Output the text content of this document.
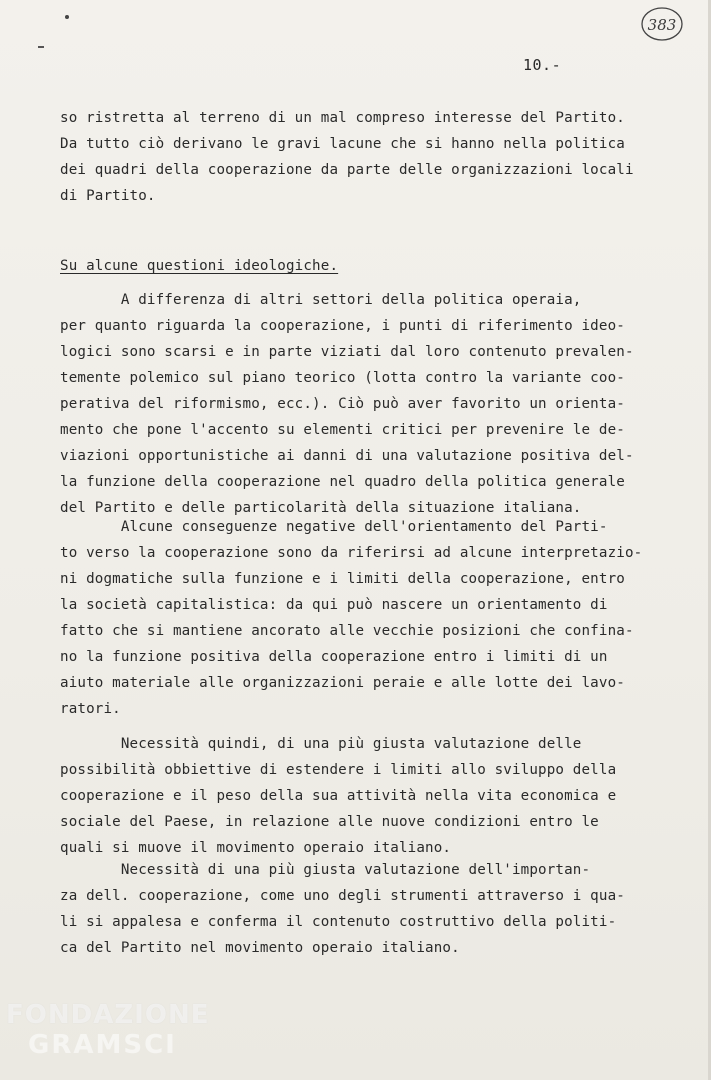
383
10.-
so ristretta al terreno di un mal compreso interesse del Partito.
Da tutto ciò derivano le gravi lacune che si hanno nella politica
dei quadri della cooperazione da parte delle organizzazioni locali
di Partito.
Su alcune questioni ideologiche.
A differenza di altri settori della politica operaia,
per quanto riguarda la cooperazione, i punti di riferimento ideo-
logici sono scarsi e in parte viziati dal loro contenuto prevalen-
temente polemico sul piano teorico (lotta contro la variante coo-
perativa del riformismo, ecc.). Ciò può aver favorito un orienta-
mento che pone l'accento su elementi critici per prevenire le de-
viazioni opportunistiche ai danni di una valutazione positiva del-
la funzione della cooperazione nel quadro della politica generale
del Partito e delle particolarità della situazione italiana.
Alcune conseguenze negative dell'orientamento del Parti-
to verso la cooperazione sono da riferirsi ad alcune interpretazio-
ni dogmatiche sulla funzione e i limiti della cooperazione, entro
la società capitalistica: da qui può nascere un orientamento di
fatto che si mantiene ancorato alle vecchie posizioni che confina-
no la funzione positiva della cooperazione entro i limiti di un
aiuto materiale alle organizzazioni peraie e alle lotte dei lavo-
ratori.
Necessità quindi, di una più giusta valutazione delle
possibilità obbiettive di estendere i limiti allo sviluppo della
cooperazione e il peso della sua attività nella vita economica e
sociale del Paese, in relazione alle nuove condizioni entro le
quali si muove il movimento operaio italiano.
Necessità di una più giusta valutazione dell'importan-
za dell. cooperazione, come uno degli strumenti attraverso i qua-
li si appalesa e conferma il contenuto costruttivo della politi-
ca del Partito nel movimento operaio italiano.
FONDAZIONE
GRAMSCI
